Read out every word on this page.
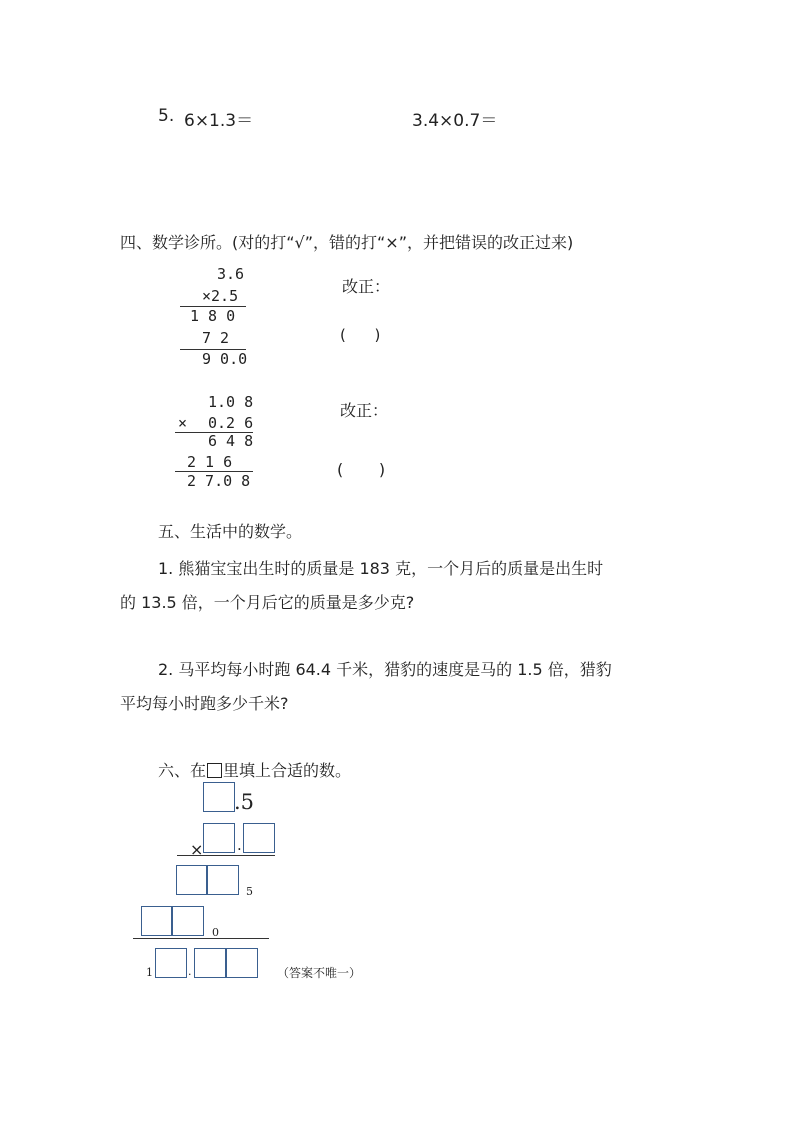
5. 6×1.3＝	3.4×0.7＝
四、数学诊所。(对的打“√”，错的打“×”，并把错误的改正过来)
3.6
×2.5
1 8 0
7 2
9 0.0
改正：
(      )
1.0 8
× 0.2 6
6 4 8
2 1 6
2 7.0 8
改正：
(       )
五、生活中的数学。
1. 熊猫宝宝出生时的质量是 183 克，一个月后的质量是出生时
的 13.5 倍，一个月后它的质量是多少克?
2. 马平均每小时跑 64.4 千米，猎豹的速度是马的 1.5 倍，猎豹
平均每小时跑多少千米?
六、在 里填上合适的数。
.5
× .
5
0
1	.	（答案不唯一）
